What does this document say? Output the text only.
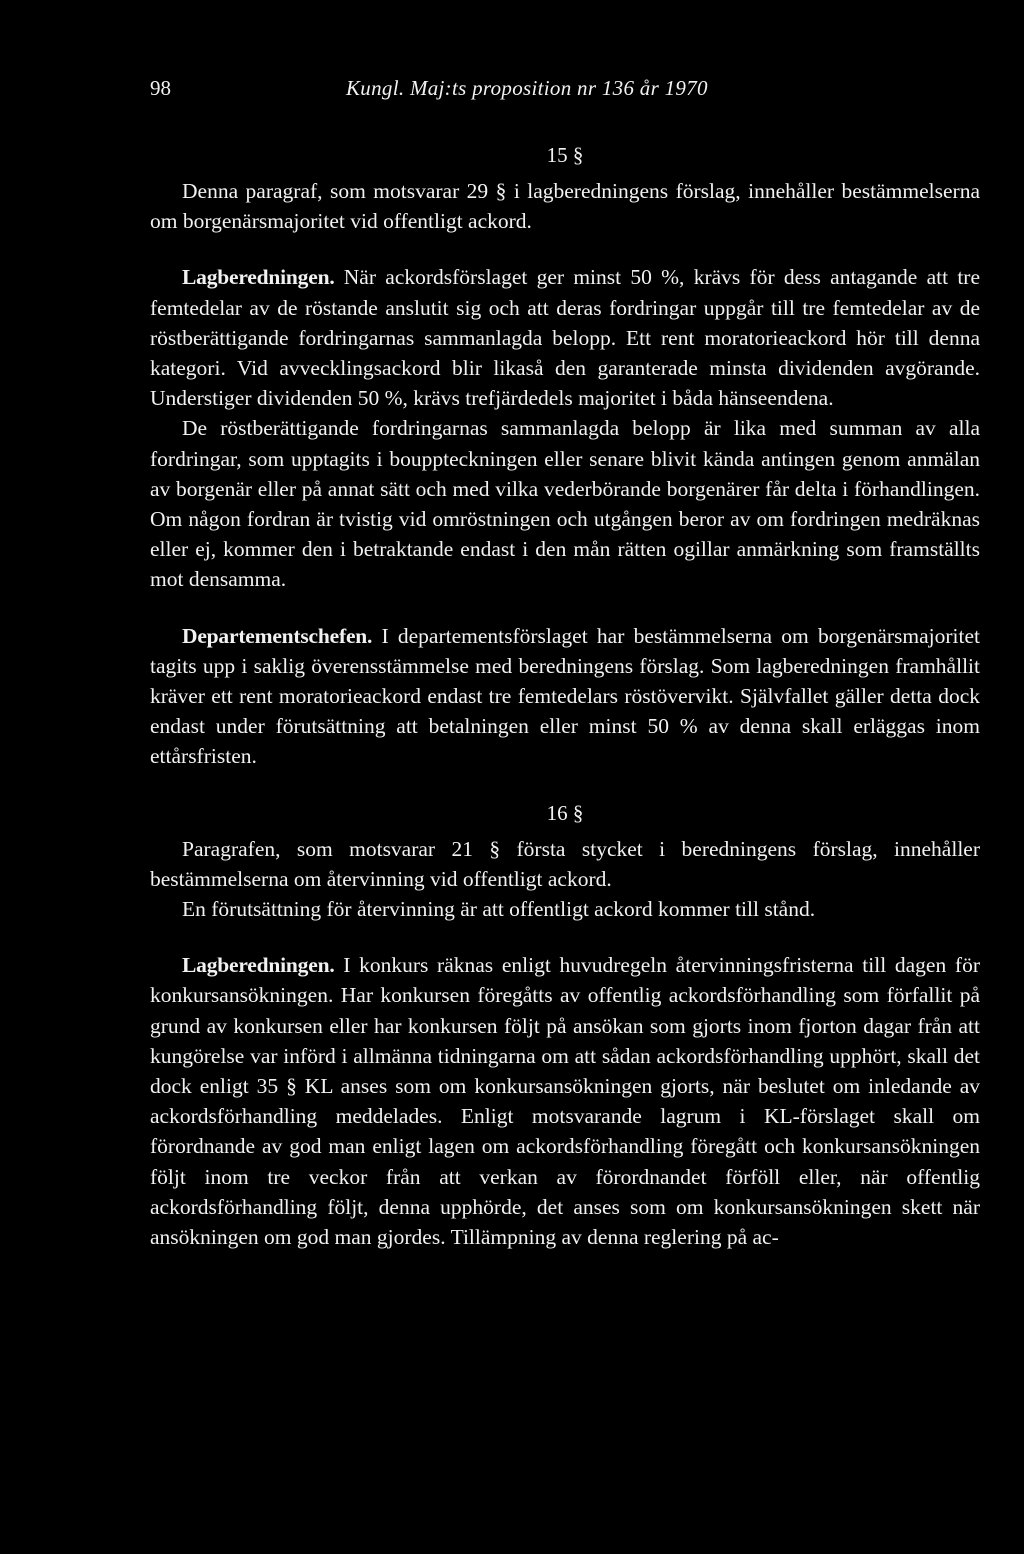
98	Kungl. Maj:ts proposition nr 136 år 1970
15 §

Denna paragraf, som motsvarar 29 § i lagberedningens förslag, innehåller bestämmelserna om borgenärsmajoritet vid offentligt ackord.

Lagberedningen. När ackordsförslaget ger minst 50 %, krävs för dess antagande att tre femtedelar av de röstande anslutit sig och att deras fordringar uppgår till tre femtedelar av de röstberättigande fordringarnas sammanlagda belopp. Ett rent moratorieackord hör till denna kategori. Vid avvecklingsackord blir likaså den garanterade minsta dividenden avgörande. Understiger dividenden 50 %, krävs trefjärdedels majoritet i båda hänseendena.

De röstberättigande fordringarnas sammanlagda belopp är lika med summan av alla fordringar, som upptagits i bouppteckningen eller senare blivit kända antingen genom anmälan av borgenär eller på annat sätt och med vilka vederbörande borgenärer får delta i förhandlingen. Om någon fordran är tvistig vid omröstningen och utgången beror av om fordringen medräknas eller ej, kommer den i betraktande endast i den mån rätten ogillar anmärkning som framställts mot densamma.

Departementschefen. I departementsförslaget har bestämmelserna om borgenärsmajoritet tagits upp i saklig överensstämmelse med beredningens förslag. Som lagberedningen framhållit kräver ett rent moratorieackord endast tre femtedelars röstövervikt. Självfallet gäller detta dock endast under förutsättning att betalningen eller minst 50 % av denna skall erläggas inom ettårsfristen.

16 §

Paragrafen, som motsvarar 21 § första stycket i beredningens förslag, innehåller bestämmelserna om återvinning vid offentligt ackord.

En förutsättning för återvinning är att offentligt ackord kommer till stånd.

Lagberedningen. I konkurs räknas enligt huvudregeln återvinningsfristerna till dagen för konkursansökningen. Har konkursen föregåtts av offentlig ackordsförhandling som förfallit på grund av konkursen eller har konkursen följt på ansökan som gjorts inom fjorton dagar från att kungörelse var införd i allmänna tidningarna om att sådan ackordsförhandling upphört, skall det dock enligt 35 § KL anses som om konkursansökningen gjorts, när beslutet om inledande av ackordsförhandling meddelades. Enligt motsvarande lagrum i KL-förslaget skall om förordnande av god man enligt lagen om ackordsförhandling föregått och konkursansökningen följt inom tre veckor från att verkan av förordnandet förföll eller, när offentlig ackordsförhandling följt, denna upphörde, det anses som om konkursansökningen skett när ansökningen om god man gjordes. Tillämpning av denna reglering på ac-
